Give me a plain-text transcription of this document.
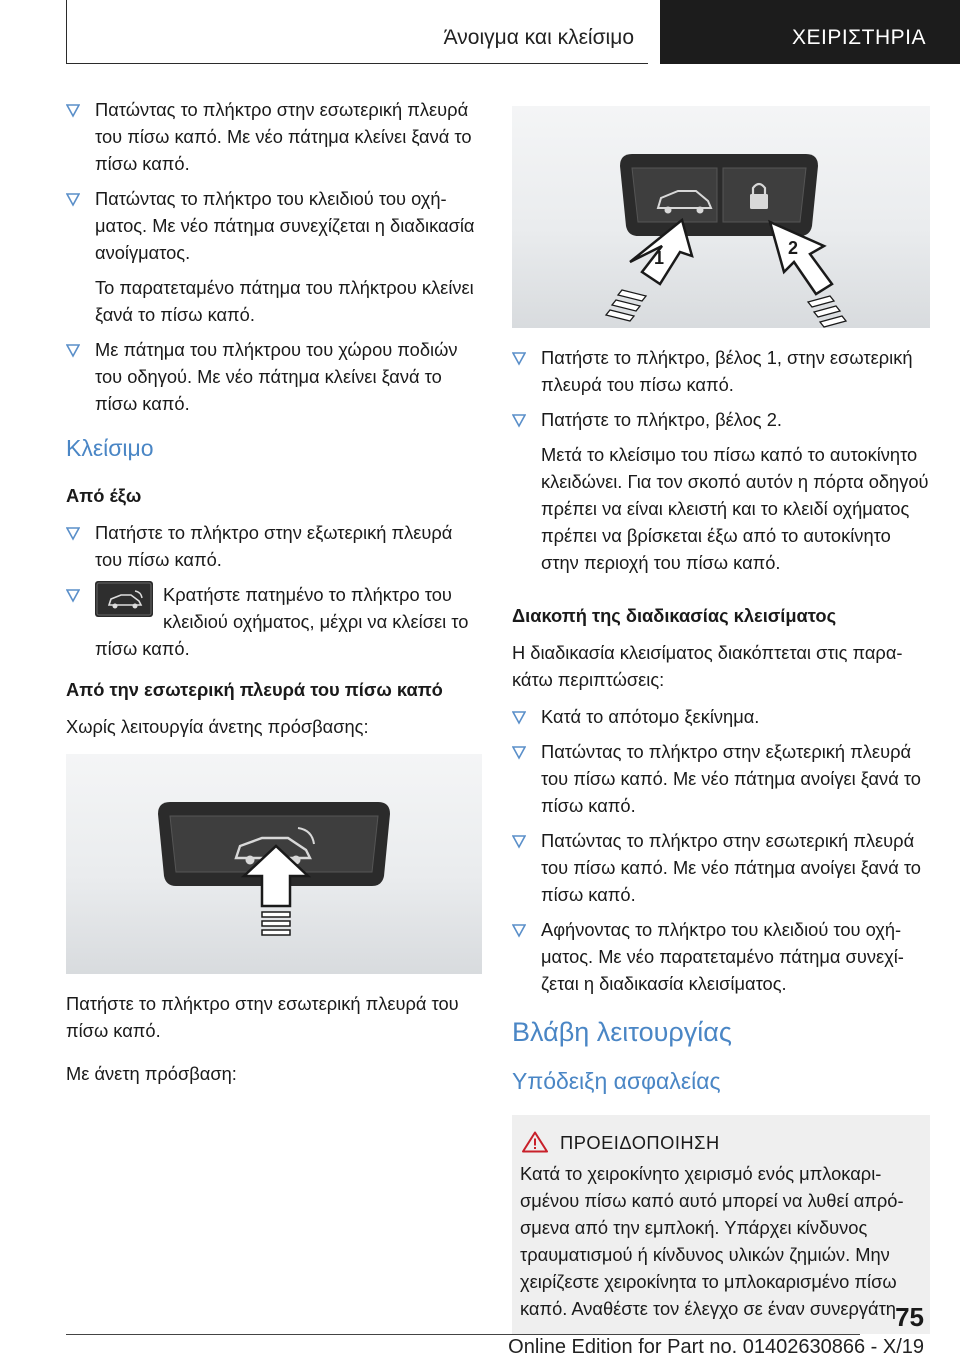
Άνοιγμα και κλείσιμο	ΧΕΙΡΙΣΤΗΡΙΑ
Πατώντας το πλήκτρο στην εσωτερική πλευρά του πίσω καπό. Με νέο πάτημα κλείνει ξανά το πίσω καπό.
Πατώντας το πλήκτρο του κλειδιού του οχήματος. Με νέο πάτημα συνεχίζεται η διαδικασία ανοίγματος.
Το παρατεταμένο πάτημα του πλήκτρου κλείνει ξανά το πίσω καπό.
Με πάτημα του πλήκτρου του χώρου ποδιών του οδηγού. Με νέο πάτημα κλείνει ξανά το πίσω καπό.
Κλείσιμο
Από έξω
Πατήστε το πλήκτρο στην εξωτερική πλευρά του πίσω καπό.
Κρατήστε πατημένο το πλήκτρο του κλειδιού οχήματος, μέχρι να κλείσει το πίσω καπό.
Από την εσωτερική πλευρά του πίσω καπό
Χωρίς λειτουργία άνετης πρόσβασης:
Πατήστε το πλήκτρο στην εσωτερική πλευρά του πίσω καπό.
Με άνετη πρόσβαση:
1	2
Πατήστε το πλήκτρο, βέλος 1, στην εσωτερική πλευρά του πίσω καπό.
Πατήστε το πλήκτρο, βέλος 2.
Μετά το κλείσιμο του πίσω καπό το αυτοκίνητο κλειδώνει. Για τον σκοπό αυτόν η πόρτα οδηγού πρέπει να είναι κλειστή και το κλειδί οχήματος πρέπει να βρίσκεται έξω από το αυτοκίνητο στην περιοχή του πίσω καπό.
Διακοπή της διαδικασίας κλεισίματος
Η διαδικασία κλεισίματος διακόπτεται στις παρακάτω περιπτώσεις:
Κατά το απότομο ξεκίνημα.
Πατώντας το πλήκτρο στην εξωτερική πλευρά του πίσω καπό. Με νέο πάτημα ανοίγει ξανά το πίσω καπό.
Πατώντας το πλήκτρο στην εσωτερική πλευρά του πίσω καπό. Με νέο πάτημα ανοίγει ξανά το πίσω καπό.
Αφήνοντας το πλήκτρο του κλειδιού του οχήματος. Με νέο παρατεταμένο πάτημα συνεχίζεται η διαδικασία κλεισίματος.
Βλάβη λειτουργίας
Υπόδειξη ασφαλείας
ΠΡΟΕΙΔΟΠΟΙΗΣΗ
Κατά το χειροκίνητο χειρισμό ενός μπλοκαρισμένου πίσω καπό αυτό μπορεί να λυθεί απρόσμενα από την εμπλοκή. Υπάρχει κίνδυνος τραυματισμού ή κίνδυνος υλικών ζημιών. Μην χειρίζεστε χειροκίνητα το μπλοκαρισμένο πίσω καπό. Αναθέστε τον έλεγχο σε έναν συνεργάτη 75
Online Edition for Part no. 01402630866 - X/19
